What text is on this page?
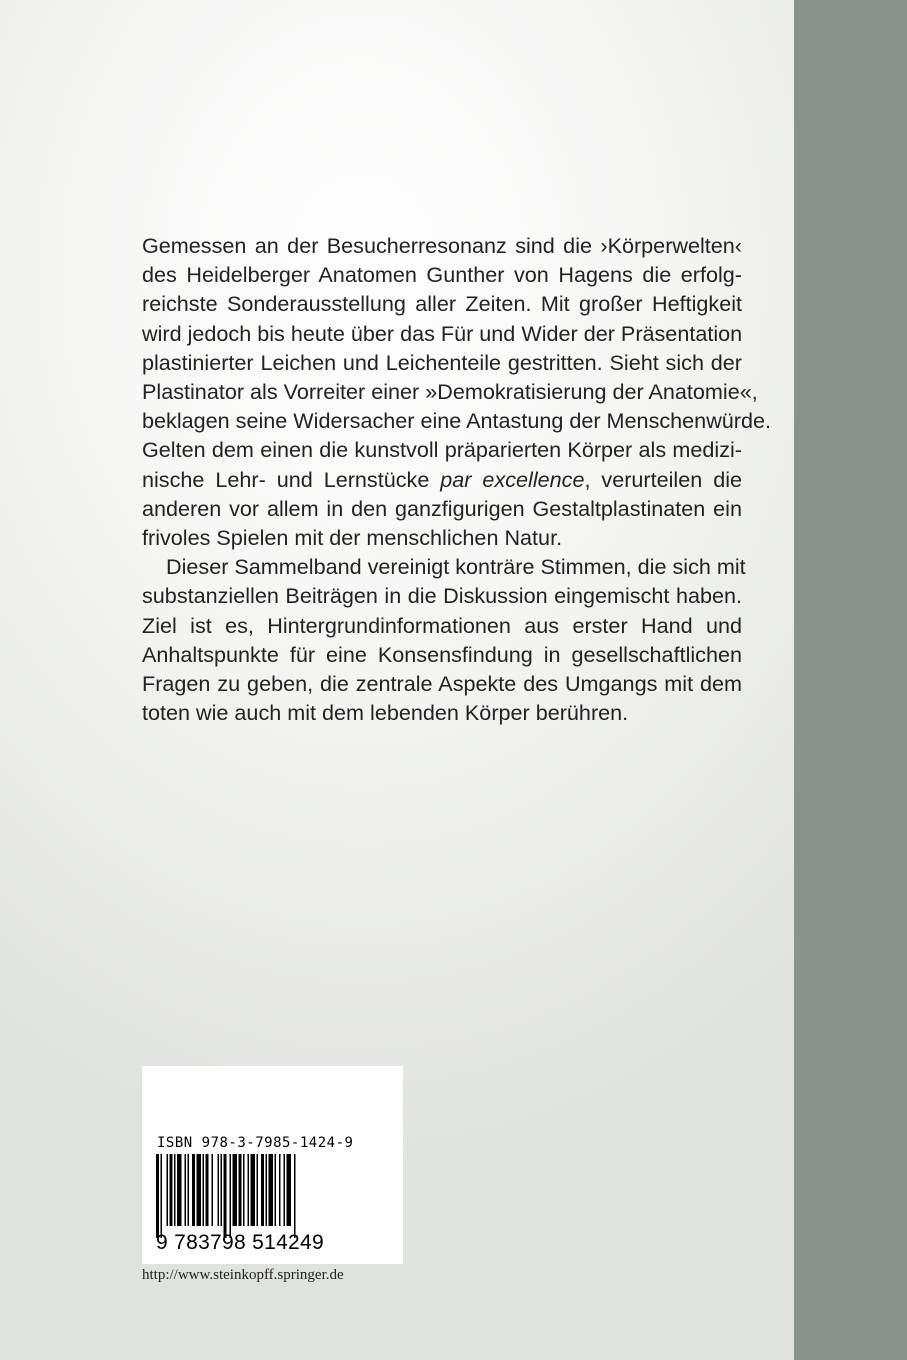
Gemessen an der Besucherresonanz sind die ›Körperwelten‹
des Heidelberger Anatomen Gunther von Hagens die erfolg-
reichste Sonderausstellung aller Zeiten. Mit großer Heftigkeit
wird jedoch bis heute über das Für und Wider der Präsentation
plastinierter Leichen und Leichenteile gestritten. Sieht sich der
Plastinator als Vorreiter einer »Demokratisierung der Anatomie«,
beklagen seine Widersacher eine Antastung der Menschenwürde.
Gelten dem einen die kunstvoll präparierten Körper als medizi-
nische Lehr- und Lernstücke par excellence, verurteilen die
anderen vor allem in den ganzfigurigen Gestaltplastinaten ein
frivoles Spielen mit der menschlichen Natur.

Dieser Sammelband vereinigt konträre Stimmen, die sich mit
substanziellen Beiträgen in die Diskussion eingemischt haben.
Ziel ist es, Hintergrundinformationen aus erster Hand und
Anhaltspunkte für eine Konsensfindung in gesellschaftlichen
Fragen zu geben, die zentrale Aspekte des Umgangs mit dem
toten wie auch mit dem lebenden Körper berühren.

ISBN 978-3-7985-1424-9
9 783798 514249
http://www.steinkopff.springer.de
